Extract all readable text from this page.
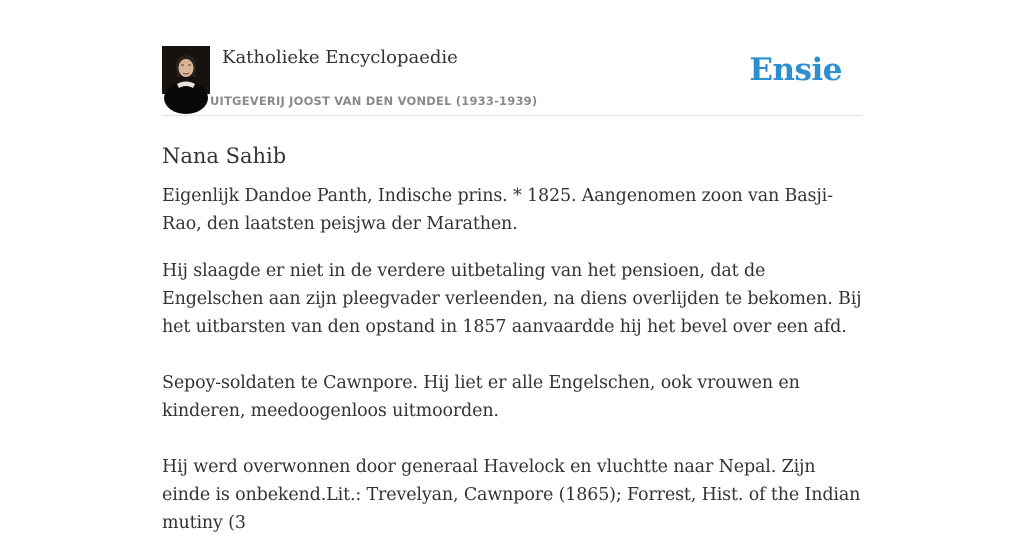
Katholieke Encyclopaedie
UITGEVERIJ JOOST VAN DEN VONDEL (1933-1939)
Ensie
Nana Sahib

Eigenlijk Dandoe Panth, Indische prins. * 1825. Aangenomen zoon van Basji-Rao, den laatsten peisjwa der Marathen.

Hij slaagde er niet in de verdere uitbetaling van het pensioen, dat de Engelschen aan zijn pleegvader verleenden, na diens overlijden te bekomen. Bij het uitbarsten van den opstand in 1857 aanvaardde hij het bevel over een afd.

Sepoy-soldaten te Cawnpore. Hij liet er alle Engelschen, ook vrouwen en kinderen, meedoogenloos uitmoorden.

Hij werd overwonnen door generaal Havelock en vluchtte naar Nepal. Zijn einde is onbekend.Lit.: Trevelyan, Cawnpore (1865); Forrest, Hist. of the Indian mutiny (3
